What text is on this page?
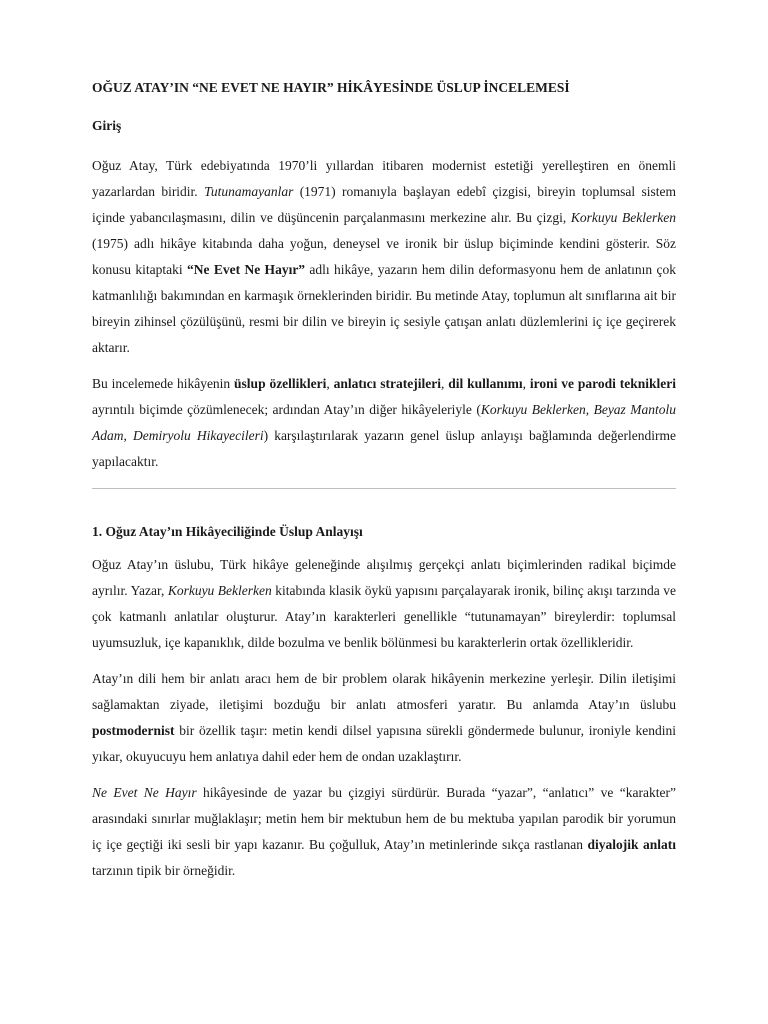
OĞUZ ATAY’IN “NE EVET NE HAYIR” HİKÂYESİNDE ÜSLUP İNCELEMESİ
Giriş

Oğuz Atay, Türk edebiyatında 1970’li yıllardan itibaren modernist estetiği yerelleştiren en önemli yazarlardan biridir. Tutunamayanlar (1971) romanıyla başlayan edebî çizgisi, bireyin toplumsal sistem içinde yabancılaşmasını, dilin ve düşüncenin parçalanmasını merkezine alır. Bu çizgi, Korkuyu Beklerken (1975) adlı hikâye kitabında daha yoğun, deneysel ve ironik bir üslup biçiminde kendini gösterir. Söz konusu kitaptaki “Ne Evet Ne Hayır” adlı hikâye, yazarın hem dilin deformasyonu hem de anlatının çok katmanlılığı bakımından en karmaşık örneklerinden biridir. Bu metinde Atay, toplumun alt sınıflarına ait bir bireyin zihinsel çözülüşünü, resmi bir dilin ve bireyin iç sesiyle çatışan anlatı düzlemlerini iç içe geçirerek aktarır.

Bu incelemede hikâyenin üslup özellikleri, anlatıcı stratejileri, dil kullanımı, ironi ve parodi teknikleri ayrıntılı biçimde çözümlenecek; ardından Atay’ın diğer hikâyeleriyle (Korkuyu Beklerken, Beyaz Mantolu Adam, Demiryolu Hikayecileri) karşılaştırılarak yazarın genel üslup anlayışı bağlamında değerlendirme yapılacaktır.

1. Oğuz Atay’ın Hikâyeciliğinde Üslup Anlayışı

Oğuz Atay’ın üslubu, Türk hikâye geleneğinde alışılmış gerçekçi anlatı biçimlerinden radikal biçimde ayrılır. Yazar, Korkuyu Beklerken kitabında klasik öykü yapısını parçalayarak ironik, bilinç akışı tarzında ve çok katmanlı anlatılar oluşturur. Atay’ın karakterleri genellikle “tutunamayan” bireylerdir: toplumsal uyumsuzluk, içe kapanıklık, dilde bozulma ve benlik bölünmesi bu karakterlerin ortak özellikleridir.

Atay’ın dili hem bir anlatı aracı hem de bir problem olarak hikâyenin merkezine yerleşir. Dilin iletişimi sağlamaktan ziyade, iletişimi bozduğu bir anlatı atmosferi yaratır. Bu anlamda Atay’ın üslubu postmodernist bir özellik taşır: metin kendi dilsel yapısına sürekli göndermede bulunur, ironiyle kendini yıkar, okuyucuyu hem anlatıya dahil eder hem de ondan uzaklaştırır.

Ne Evet Ne Hayır hikâyesinde de yazar bu çizgiyi sürdürür. Burada “yazar”, “anlatıcı” ve “karakter” arasındaki sınırlar muğlaklaşır; metin hem bir mektubun hem de bu mektuba yapılan parodik bir yorumun iç içe geçtiği iki sesli bir yapı kazanır. Bu çoğulluk, Atay’ın metinlerinde sıkça rastlanan diyalojik anlatı tarzının tipik bir örneğidir.
